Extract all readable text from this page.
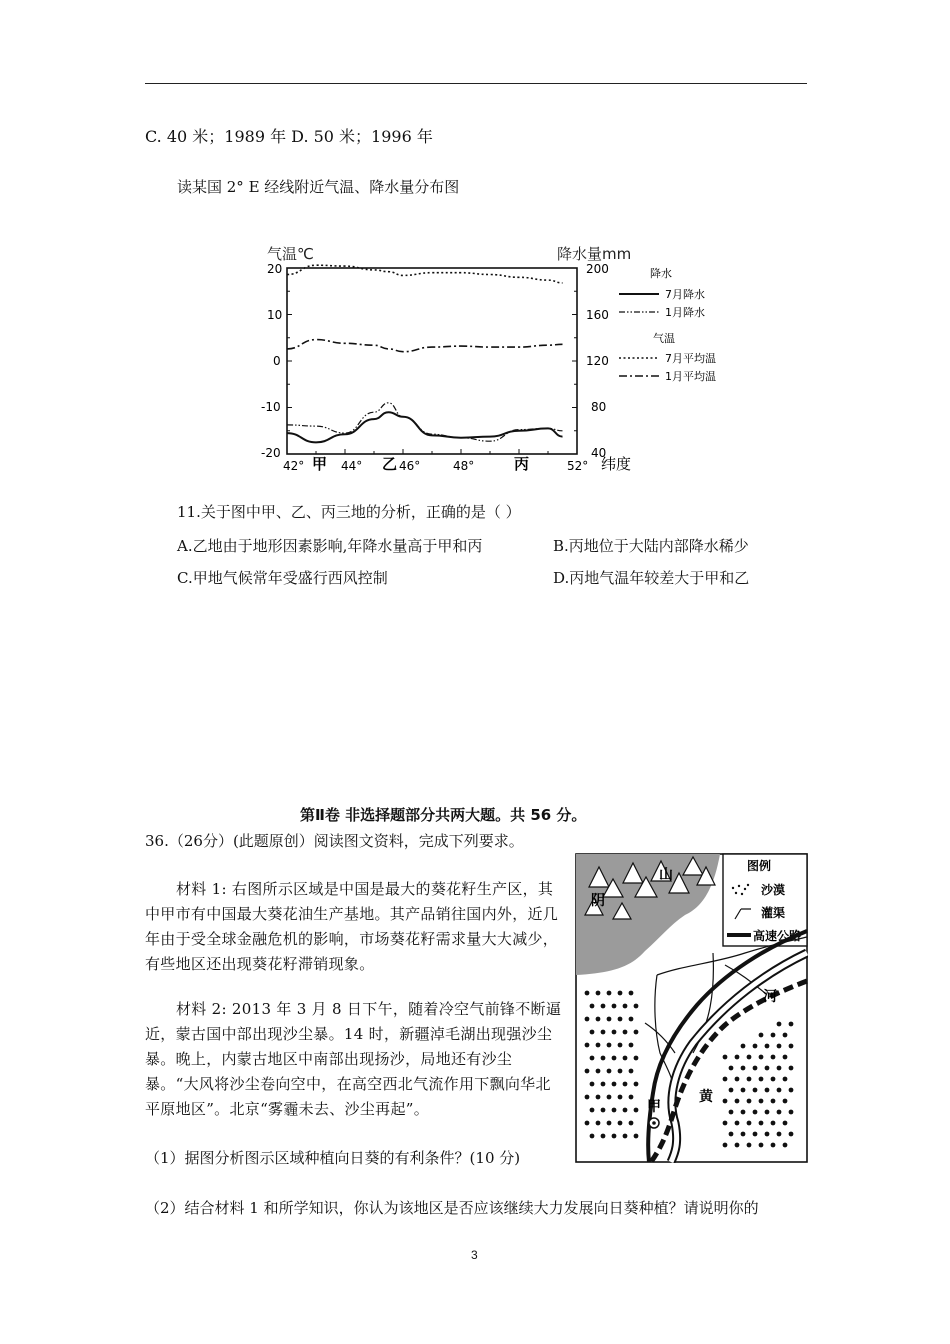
C. 40 米；1989 年 D. 50 米；1996 年
读某国 2° E 经线附近气温、降水量分布图
气温℃	降水量mm
20
10
0
-10
-20
200
160
120
80
40
42°	44°	46°	48°	52°
甲	乙	丙	纬度
降水
7月降水
1月降水
气温
7月平均温
1月平均温
11.关于图中甲、乙、丙三地的分析，正确的是（ ）
A.乙地由于地形因素影响,年降水量高于甲和丙	B.丙地位于大陆内部降水稀少
C.甲地气候常年受盛行西风控制	D.丙地气温年较差大于甲和乙
第Ⅱ卷 非选择题部分共两大题。共 56 分。
36.（26分）(此题原创）阅读图文资料，完成下列要求。
材料 1: 右图所示区域是中国是最大的葵花籽生产区，其中甲市有中国最大葵花油生产基地。其产品销往国内外，近几年由于受全球金融危机的影响，市场葵花籽需求量大大减少，有些地区还出现葵花籽滞销现象。
材料 2: 2013 年 3 月 8 日下午，随着冷空气前锋不断逼近，蒙古国中部出现沙尘暴。14 时，新疆淖毛湖出现强沙尘暴。晚上，内蒙古地区中南部出现扬沙，局地还有沙尘暴。“大风将沙尘卷向空中，在高空西北气流作用下飘向华北平原地区”。北京“雾霾未去、沙尘再起”。
（1）据图分析图示区域种植向日葵的有利条件？(10 分)
（2）结合材料 1 和所学知识，你认为该地区是否应该继续大力发展向日葵种植？请说明你的
山
阴
图例
沙漠
灌渠
高速公路
河
黄
甲
3
